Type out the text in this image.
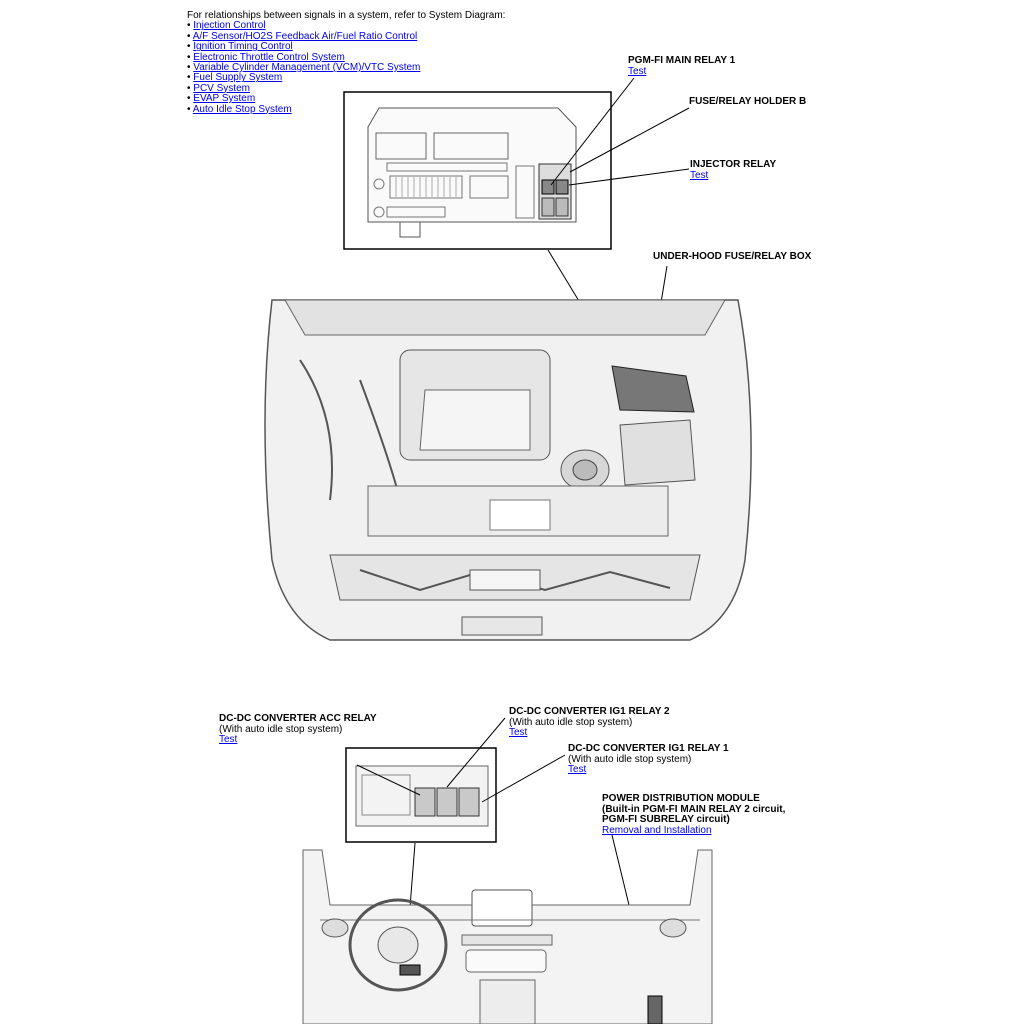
For relationships between signals in a system, refer to System Diagram:
• Injection Control
• A/F Sensor/HO2S Feedback Air/Fuel Ratio Control
• Ignition Timing Control
• Electronic Throttle Control System
• Variable Cylinder Management (VCM)/VTC System
• Fuel Supply System
• PCV System
• EVAP System
• Auto Idle Stop System
PGM-FI MAIN RELAY 1
Test
FUSE/RELAY HOLDER B
INJECTOR RELAY
Test
UNDER-HOOD FUSE/RELAY BOX
DC-DC CONVERTER ACC RELAY
(With auto idle stop system)
Test
DC-DC CONVERTER IG1 RELAY 2
(With auto idle stop system)
Test
DC-DC CONVERTER IG1 RELAY 1
(With auto idle stop system)
Test
POWER DISTRIBUTION MODULE
(Built-in PGM-FI MAIN RELAY 2 circuit,
PGM-FI SUBRELAY circuit)
Removal and Installation
